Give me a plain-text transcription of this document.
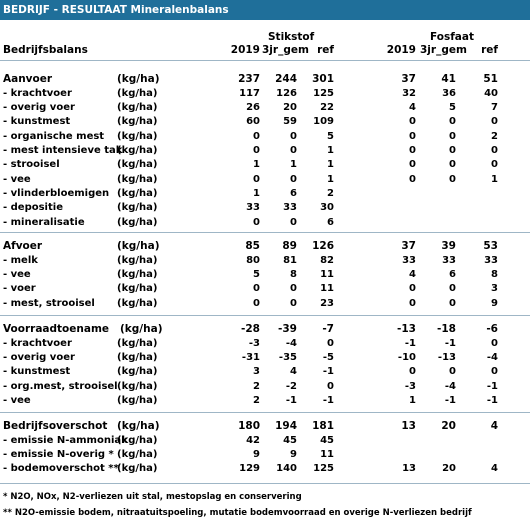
BEDRIJF - RESULTAAT Mineralenbalans
Bedrijfsbalans
Stikstof	Fosfaat
2019 3jr_gem ref	2019 3jr_gem	ref
Aanvoer	(kg/ha)	237	244	301	37	41	51
- krachtvoer	(kg/ha)	117	126	125	32	36	40
- overig voer	(kg/ha)	26	20	22	4	5	7
- kunstmest	(kg/ha)	60	59	109	0	0	0
- organische mest (kg/ha)	0	0	5	0	0	2
- mest intensieve tak
(kg/ha)	0	0	1	0	0	0
- strooisel	(kg/ha)	1	1	1	0	0	0
- vee	(kg/ha)	0	0	1	0	0	1
- vlinderbloemigen (kg/ha)	1	6	2
- depositie	(kg/ha)	33	33	30
- mineralisatie	(kg/ha)	0	0	6
Afvoer	(kg/ha)	85	89	126	37	39	53
- melk	(kg/ha)	80	81	82	33	33	33
- vee	(kg/ha)	5	8	11	4	6	8
- voer	(kg/ha)	0	0	11	0	0	3
- mest, strooisel (kg/ha)	0	0	23	0	0	9
Voorraadtoename (kg/ha)	-28	-39	-7	-13	-18	-6
- krachtvoer	(kg/ha)	-3	-4	0	-1	-1	0
- overig voer	(kg/ha)	-31	-35	-5	-10	-13	-4
- kunstmest	(kg/ha)	3	4	-1	0	0	0
- org.mest, strooisel (kg/ha)	2	-2	0	-3	-4	-1
- vee	(kg/ha)	2	-1	-1	1	-1	-1
Bedrijfsoverschot (kg/ha)	180	194	181	13	20	4
- emissie N-ammoniak
(kg/ha)	42	45	45
- emissie N-overig * (kg/ha)	9	9	11
- bodemoverschot **
(kg/ha)	129	140	125	13	20	4
* N2O, NOx, N2-verliezen uit stal, mestopslag en conservering
** N2O-emissie bodem, nitraatuitspoeling, mutatie bodemvoorraad en overige N-verliezen bedrijf
